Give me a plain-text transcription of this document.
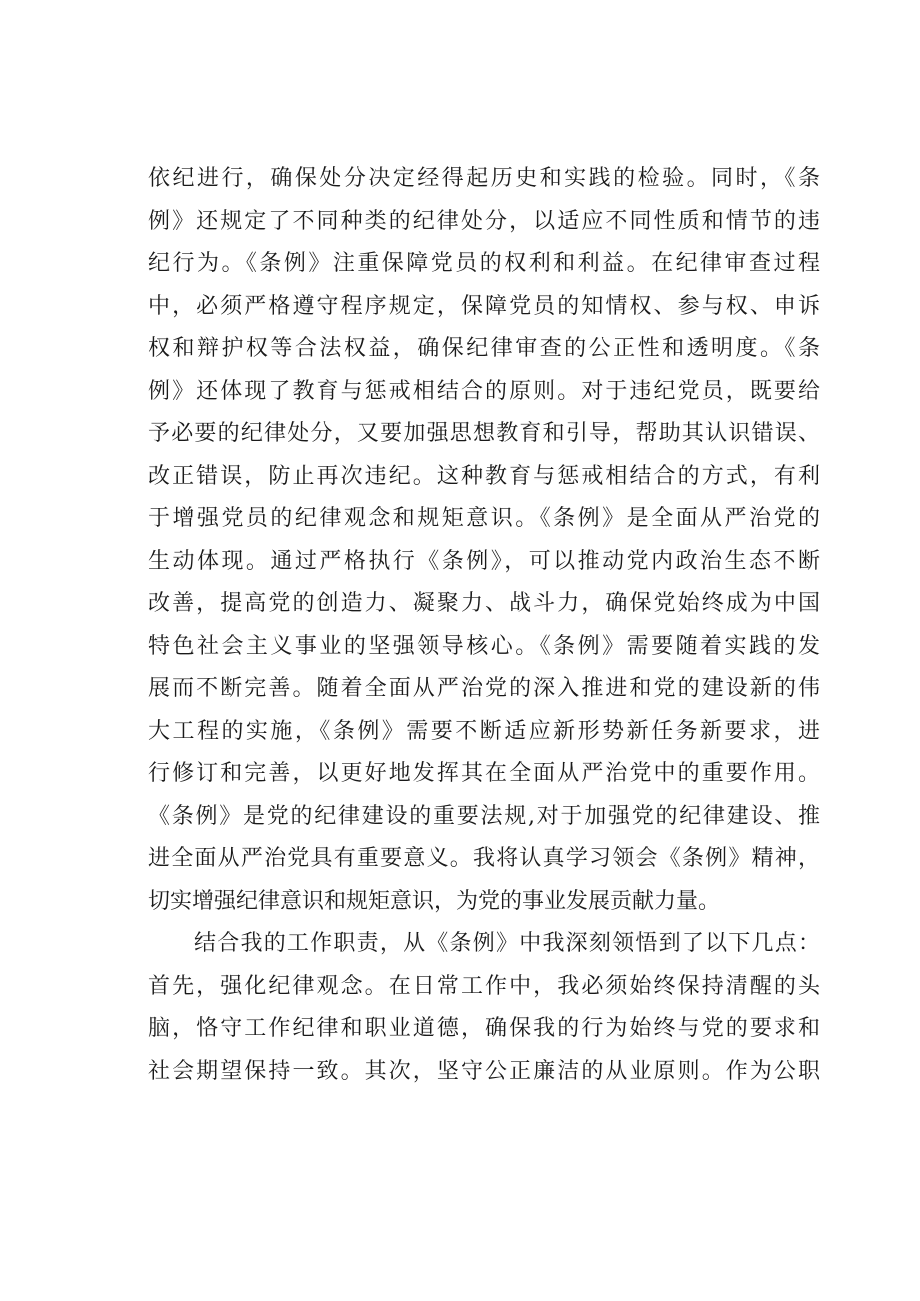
依纪进行，确保处分决定经得起历史和实践的检验。同时，《条
例》还规定了不同种类的纪律处分，以适应不同性质和情节的违
纪行为。《条例》注重保障党员的权利和利益。在纪律审查过程
中，必须严格遵守程序规定，保障党员的知情权、参与权、申诉
权和辩护权等合法权益，确保纪律审查的公正性和透明度。《条
例》还体现了教育与惩戒相结合的原则。对于违纪党员，既要给
予必要的纪律处分，又要加强思想教育和引导，帮助其认识错误、
改正错误，防止再次违纪。这种教育与惩戒相结合的方式，有利
于增强党员的纪律观念和规矩意识。《条例》是全面从严治党的
生动体现。通过严格执行《条例》，可以推动党内政治生态不断
改善，提高党的创造力、凝聚力、战斗力，确保党始终成为中国
特色社会主义事业的坚强领导核心。《条例》需要随着实践的发
展而不断完善。随着全面从严治党的深入推进和党的建设新的伟
大工程的实施，《条例》需要不断适应新形势新任务新要求，进
行修订和完善，以更好地发挥其在全面从严治党中的重要作用。
《条例》是党的纪律建设的重要法规,对于加强党的纪律建设、推
进全面从严治党具有重要意义。我将认真学习领会《条例》精神，
切实增强纪律意识和规矩意识，为党的事业发展贡献力量。
结合我的工作职责，从《条例》中我深刻领悟到了以下几点：
首先，强化纪律观念。在日常工作中，我必须始终保持清醒的头
脑，恪守工作纪律和职业道德，确保我的行为始终与党的要求和
社会期望保持一致。其次，坚守公正廉洁的从业原则。作为公职
